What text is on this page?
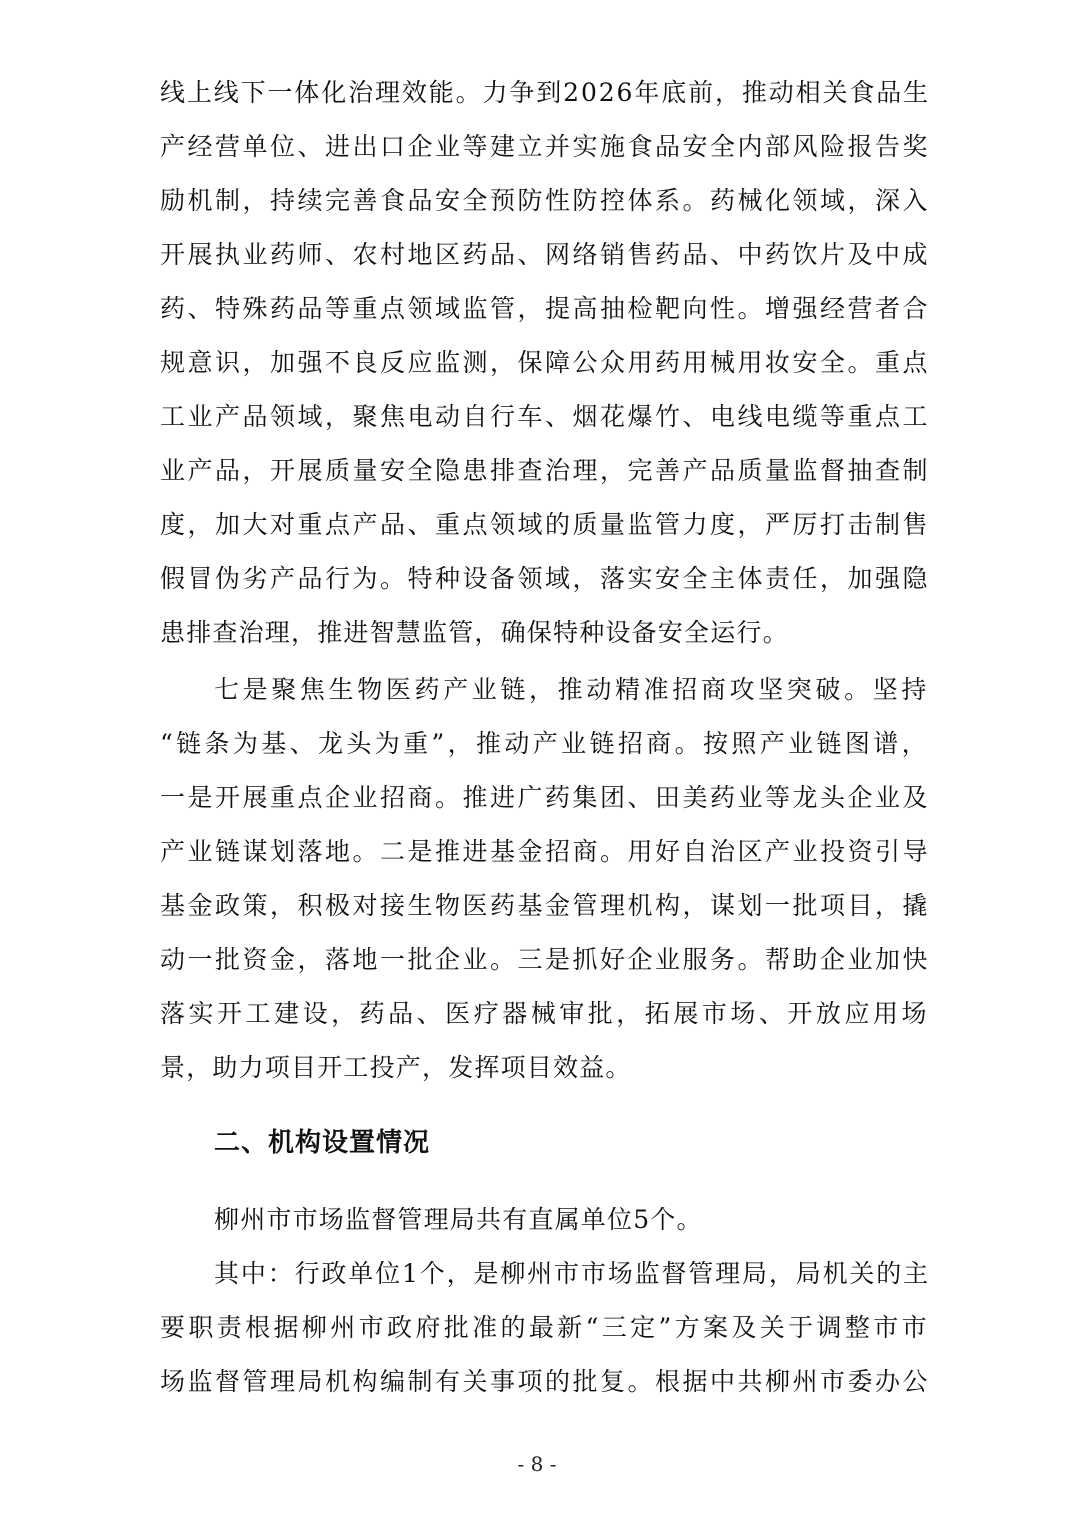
线上线下一体化治理效能。力争到2026年底前，推动相关食品生
产经营单位、进出口企业等建立并实施食品安全内部风险报告奖
励机制，持续完善食品安全预防性防控体系。药械化领域，深入
开展执业药师、农村地区药品、网络销售药品、中药饮片及中成
药、特殊药品等重点领域监管，提高抽检靶向性。增强经营者合
规意识，加强不良反应监测，保障公众用药用械用妆安全。重点
工业产品领域，聚焦电动自行车、烟花爆竹、电线电缆等重点工
业产品，开展质量安全隐患排查治理，完善产品质量监督抽查制
度，加大对重点产品、重点领域的质量监管力度，严厉打击制售
假冒伪劣产品行为。特种设备领域，落实安全主体责任，加强隐
患排查治理，推进智慧监管，确保特种设备安全运行。
七是聚焦生物医药产业链，推动精准招商攻坚突破。坚持
“链条为基、龙头为重”，推动产业链招商。按照产业链图谱，
一是开展重点企业招商。推进广药集团、田美药业等龙头企业及
产业链谋划落地。二是推进基金招商。用好自治区产业投资引导
基金政策，积极对接生物医药基金管理机构，谋划一批项目，撬
动一批资金，落地一批企业。三是抓好企业服务。帮助企业加快
落实开工建设，药品、医疗器械审批，拓展市场、开放应用场
景，助力项目开工投产，发挥项目效益。
二、机构设置情况
柳州市市场监督管理局共有直属单位5个。
其中：行政单位1个，是柳州市市场监督管理局，局机关的主
要职责根据柳州市政府批准的最新“三定”方案及关于调整市市
场监督管理局机构编制有关事项的批复。根据中共柳州市委办公
- 8 -
